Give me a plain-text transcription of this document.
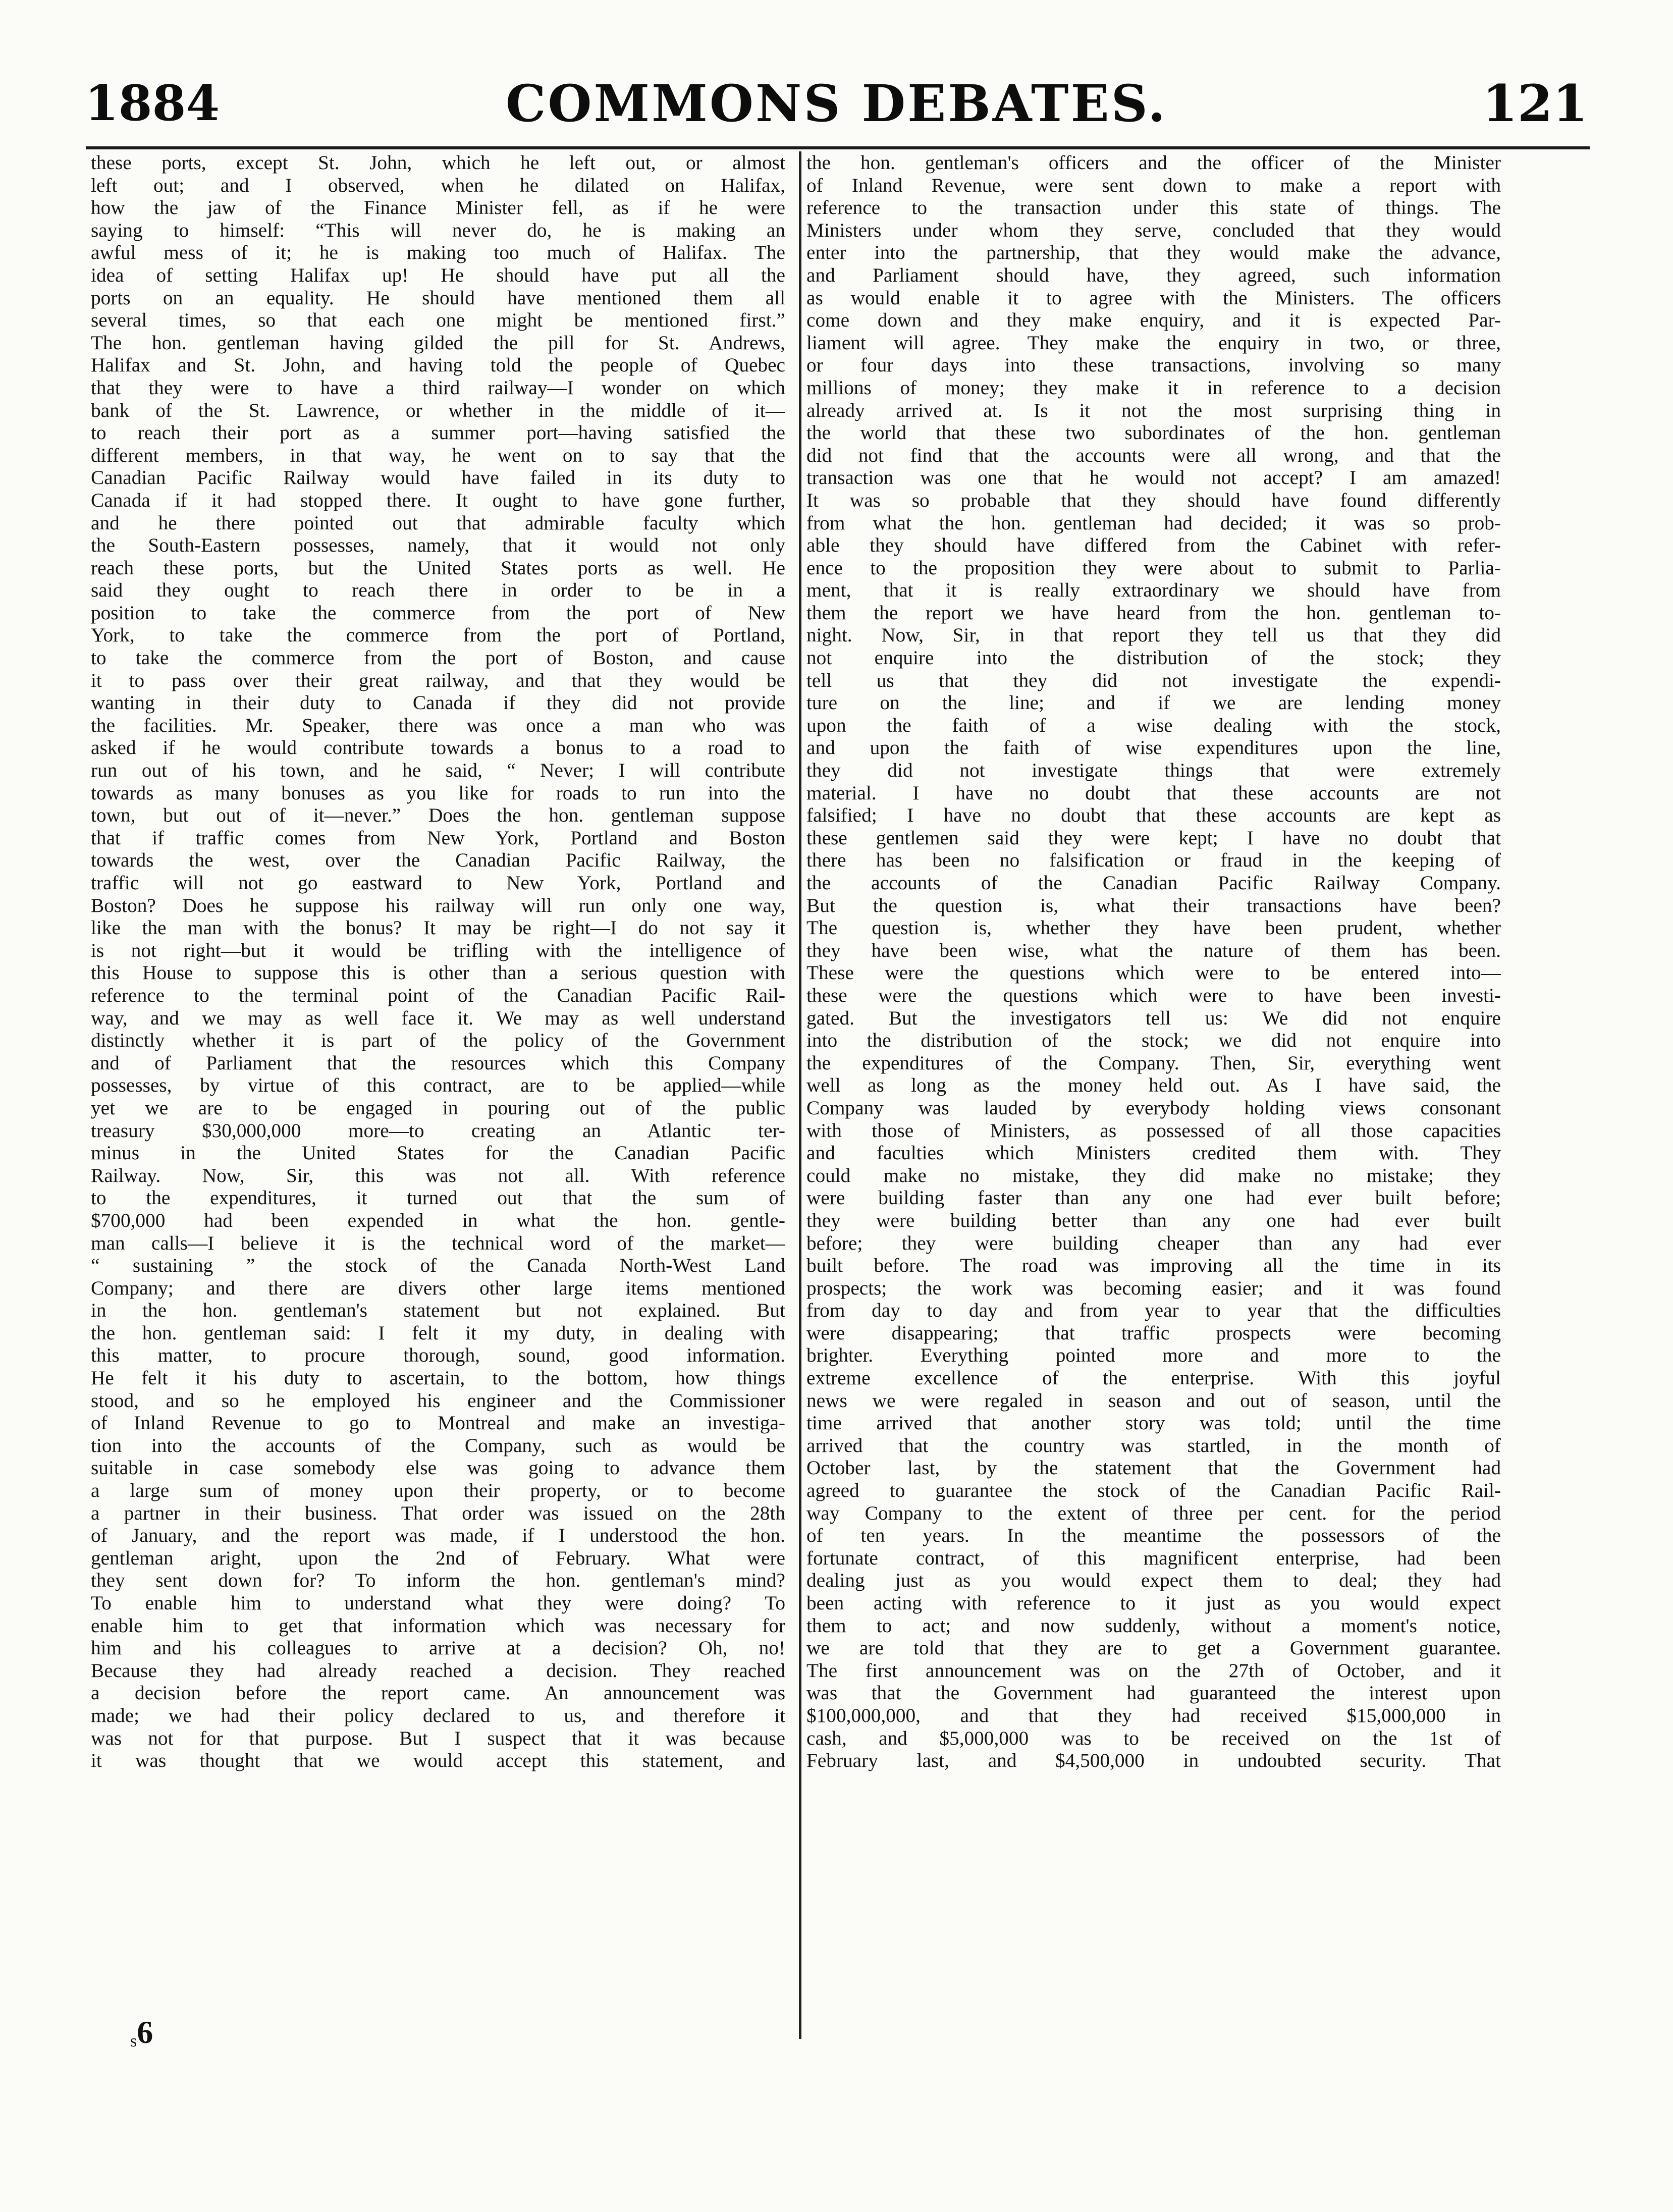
COMMONS DEBATES.
1884	121

these ports, except St. John, which he left out, or almost

left out; and I observed, when he dilated on Halifax,

how the jaw of the Finance Minister fell, as if he were

saying to himself: “This will never do, he is making an

awful mess of it; he is making too much of Halifax. The

idea of setting Halifax up! He should have put all the

ports on an equality. He should have mentioned them all

several times, so that each one might be mentioned first.”

The hon. gentleman having gilded the pill for St. Andrews,

Halifax and St. John, and having told the people of Quebec

that they were to have a third railway—I wonder on which

bank of the St. Lawrence, or whether in the middle of it—

to reach their port as a summer port—having satisfied the

different members, in that way, he went on to say that the

Canadian Pacific Railway would have failed in its duty to

Canada if it had stopped there. It ought to have gone further,

and he there pointed out that admirable faculty which

the South-Eastern possesses, namely, that it would not only

reach these ports, but the United States ports as well. He

said they ought to reach there in order to be in a

position to take the commerce from the port of New

York, to take the commerce from the port of Portland,

to take the commerce from the port of Boston, and cause

it to pass over their great railway, and that they would be

wanting in their duty to Canada if they did not provide

the facilities. Mr. Speaker, there was once a man who was

asked if he would contribute towards a bonus to a road to

run out of his town, and he said, “ Never; I will contribute

towards as many bonuses as you like for roads to run into the

town, but out of it—never.” Does the hon. gentleman suppose

that if traffic comes from New York, Portland and Boston

towards the west, over the Canadian Pacific Railway, the

traffic will not go eastward to New York, Portland and

Boston? Does he suppose his railway will run only one way,

like the man with the bonus? It may be right—I do not say it

is not right—but it would be trifling with the intelligence of

this House to suppose this is other than a serious question with

reference to the terminal point of the Canadian Pacific Rail-

way, and we may as well face it. We may as well understand

distinctly whether it is part of the policy of the Government

and of Parliament that the resources which this Company

possesses, by virtue of this contract, are to be applied—while

yet we are to be engaged in pouring out of the public

treasury $30,000,000 more—to creating an Atlantic ter-

minus in the United States for the Canadian Pacific

Railway. Now, Sir, this was not all. With reference

to the expenditures, it turned out that the sum of

$700,000 had been expended in what the hon. gentle-

man calls—I believe it is the technical word of the market—

“ sustaining ” the stock of the Canada North-West Land

Company; and there are divers other large items mentioned

in the hon. gentleman's statement but not explained. But

the hon. gentleman said: I felt it my duty, in dealing with

this matter, to procure thorough, sound, good information.

He felt it his duty to ascertain, to the bottom, how things

stood, and so he employed his engineer and the Commissioner

of Inland Revenue to go to Montreal and make an investiga-

tion into the accounts of the Company, such as would be

suitable in case somebody else was going to advance them

a large sum of money upon their property, or to become

a partner in their business. That order was issued on the 28th

of January, and the report was made, if I understood the hon.

gentleman aright, upon the 2nd of February. What were

they sent down for? To inform the hon. gentleman's mind?

To enable him to understand what they were doing? To

enable him to get that information which was necessary for

him and his colleagues to arrive at a decision? Oh, no!

Because they had already reached a decision. They reached

a decision before the report came. An announcement was

made; we had their policy declared to us, and therefore it

was not for that purpose. But I suspect that it was because

it was thought that we would accept this statement, and

the hon. gentleman's officers and the officer of the Minister

of Inland Revenue, were sent down to make a report with

reference to the transaction under this state of things. The

Ministers under whom they serve, concluded that they would

enter into the partnership, that they would make the advance,

and Parliament should have, they agreed, such information

as would enable it to agree with the Ministers. The officers

come down and they make enquiry, and it is expected Par-

liament will agree. They make the enquiry in two, or three,

or four days into these transactions, involving so many

millions of money; they make it in reference to a decision

already arrived at. Is it not the most surprising thing in

the world that these two subordinates of the hon. gentleman

did not find that the accounts were all wrong, and that the

transaction was one that he would not accept? I am amazed!

It was so probable that they should have found differently

from what the hon. gentleman had decided; it was so prob-

able they should have differed from the Cabinet with refer-

ence to the proposition they were about to submit to Parlia-

ment, that it is really extraordinary we should have from

them the report we have heard from the hon. gentleman to-

night. Now, Sir, in that report they tell us that they did

not enquire into the distribution of the stock; they

tell us that they did not investigate the expendi-

ture on the line; and if we are lending money

upon the faith of a wise dealing with the stock,

and upon the faith of wise expenditures upon the line,

they did not investigate things that were extremely

material. I have no doubt that these accounts are not

falsified; I have no doubt that these accounts are kept as

these gentlemen said they were kept; I have no doubt that

there has been no falsification or fraud in the keeping of

the accounts of the Canadian Pacific Railway Company.

But the question is, what their transactions have been?

The question is, whether they have been prudent, whether

they have been wise, what the nature of them has been.

These were the questions which were to be entered into—

these were the questions which were to have been investi-

gated. But the investigators tell us: We did not enquire

into the distribution of the stock; we did not enquire into

the expenditures of the Company. Then, Sir, everything went

well as long as the money held out. As I have said, the

Company was lauded by everybody holding views consonant

with those of Ministers, as possessed of all those capacities

and faculties which Ministers credited them with. They

could make no mistake, they did make no mistake; they

were building faster than any one had ever built before;

they were building better than any one had ever built

before; they were building cheaper than any had ever

built before. The road was improving all the time in its

prospects; the work was becoming easier; and it was found

from day to day and from year to year that the difficulties

were disappearing; that traffic prospects were becoming

brighter. Everything pointed more and more to the

extreme excellence of the enterprise. With this joyful

news we were regaled in season and out of season, until the

time arrived that another story was told; until the time

arrived that the country was startled, in the month of

October last, by the statement that the Government had

agreed to guarantee the stock of the Canadian Pacific Rail-

way Company to the extent of three per cent. for the period

of ten years. In the meantime the possessors of the

fortunate contract, of this magnificent enterprise, had been

dealing just as you would expect them to deal; they had

been acting with reference to it just as you would expect

them to act; and now suddenly, without a moment's notice,

we are told that they are to get a Government guarantee.

The first announcement was on the 27th of October, and it

was that the Government had guaranteed the interest upon

$100,000,000, and that they had received $15,000,000 in

cash, and $5,000,000 was to be received on the 1st of

February last, and $4,500,000 in undoubted security. That

s6
